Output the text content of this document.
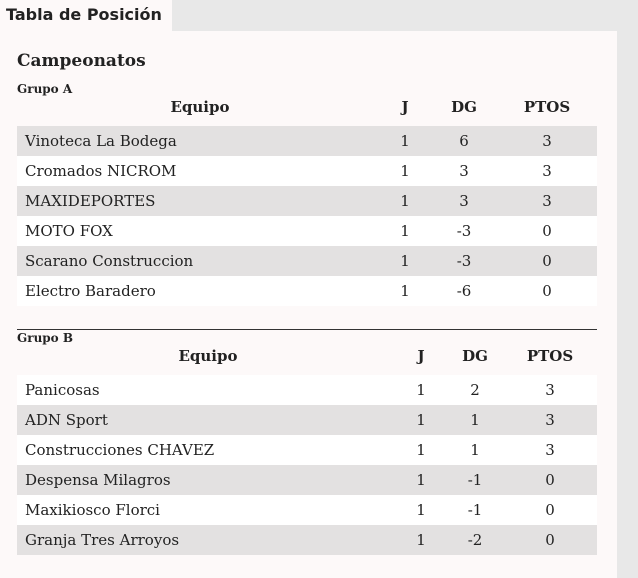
Tabla de Posición
Campeonatos
Grupo A
Equipo	J	DG	PTOS
Vinoteca La Bodega	1	6	3
Cromados NICROM	1	3	3
MAXIDEPORTES	1	3	3
MOTO FOX	1	-3	0
Scarano Construccion	1	-3	0
Electro Baradero	1	-6	0
Grupo B
Equipo	J	DG	PTOS
Panicosas	1	2	3
ADN Sport	1	1	3
Construcciones CHAVEZ	1	1	3
Despensa Milagros	1	-1	0
Maxikiosco Florci	1	-1	0
Granja Tres Arroyos	1	-2	0
